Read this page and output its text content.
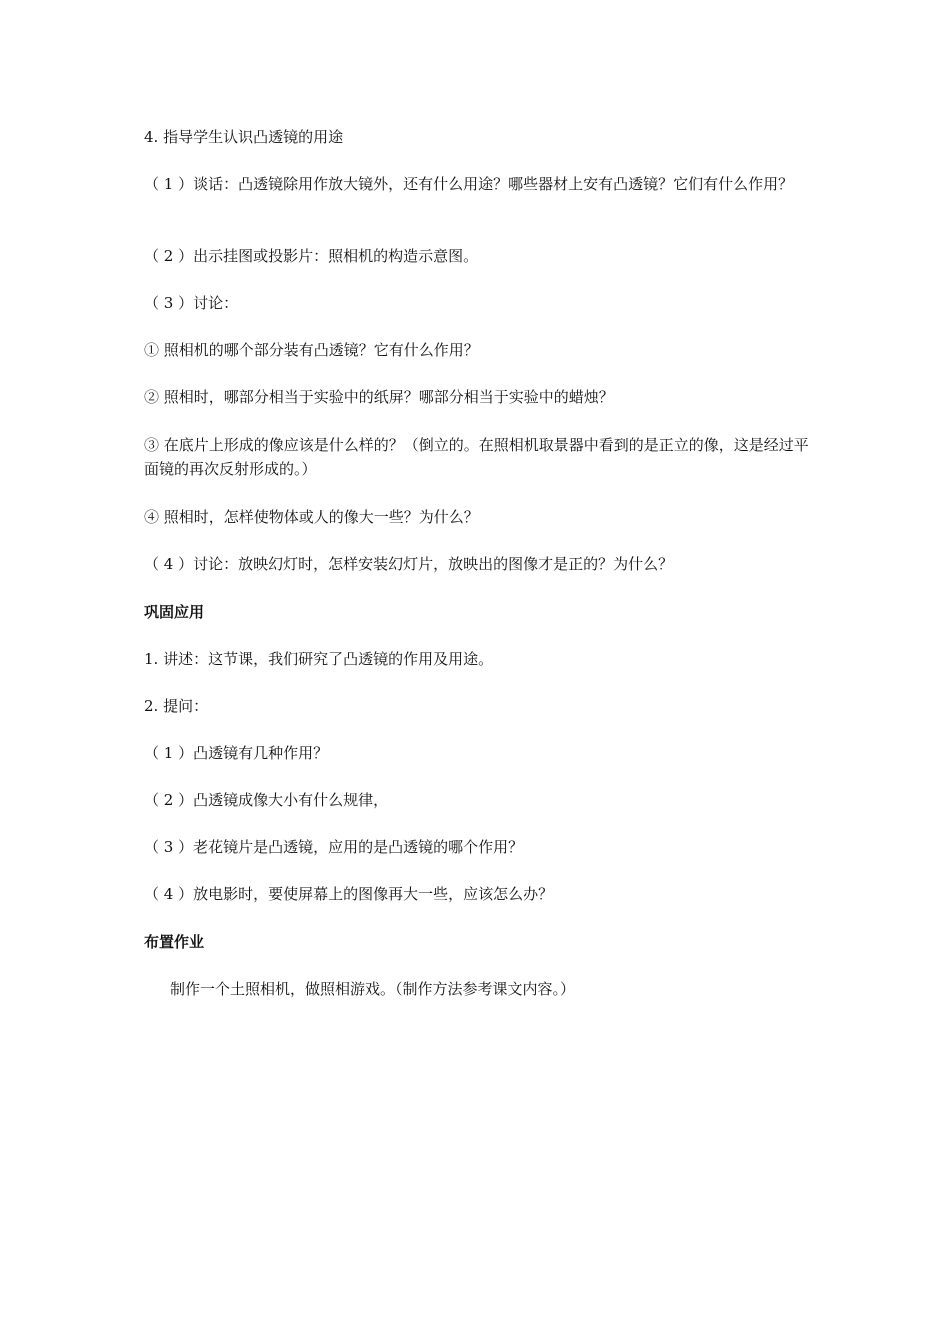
4. 指导学生认识凸透镜的用途

（ 1 ）谈话：凸透镜除用作放大镜外，还有什么用途？哪些器材上安有凸透镜？它们有什么作用？

（ 2 ）出示挂图或投影片：照相机的构造示意图。

（ 3 ）讨论：

① 照相机的哪个部分装有凸透镜？它有什么作用？

② 照相时，哪部分相当于实验中的纸屏？哪部分相当于实验中的蜡烛？

③ 在底片上形成的像应该是什么样的？（倒立的。在照相机取景器中看到的是正立的像，这是经过平面镜的再次反射形成的。）

④ 照相时，怎样使物体或人的像大一些？为什么？

（ 4 ）讨论：放映幻灯时，怎样安装幻灯片，放映出的图像才是正的？为什么？

巩固应用

1. 讲述：这节课，我们研究了凸透镜的作用及用途。

2. 提问：

（ 1 ）凸透镜有几种作用？

（ 2 ）凸透镜成像大小有什么规律，

（ 3 ）老花镜片是凸透镜，应用的是凸透镜的哪个作用？

（ 4 ）放电影时，要使屏幕上的图像再大一些，应该怎么办？

布置作业

制作一个土照相机，做照相游戏。（制作方法参考课文内容。）
